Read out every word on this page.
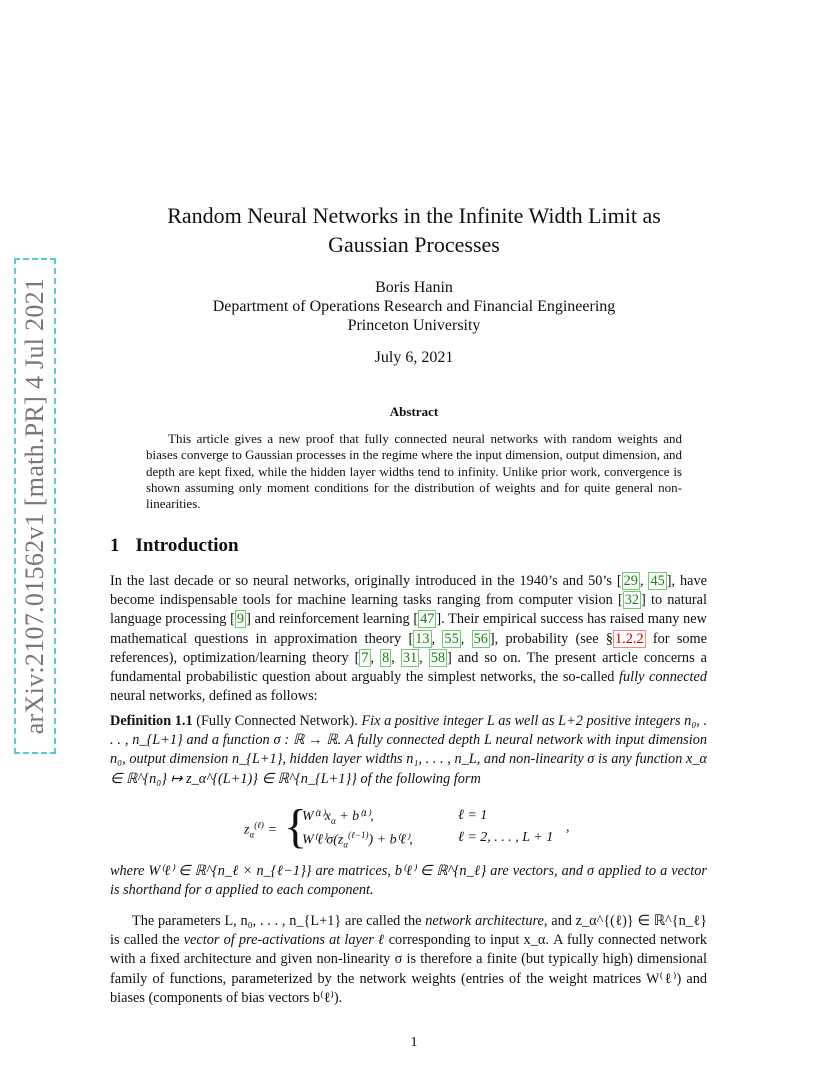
arXiv:2107.01562v1 [math.PR] 4 Jul 2021
Random Neural Networks in the Infinite Width Limit as
Gaussian Processes
Boris Hanin
Department of Operations Research and Financial Engineering
Princeton University
July 6, 2021
Abstract
This article gives a new proof that fully connected neural networks with random weights and biases converge to Gaussian processes in the regime where the input dimension, output dimension, and depth are kept fixed, while the hidden layer widths tend to infinity. Unlike prior work, convergence is shown assuming only moment conditions for the distribution of weights and for quite general non-linearities.
1 Introduction
In the last decade or so neural networks, originally introduced in the 1940’s and 50’s [ 29 , 45 ], have become indispensable tools for machine learning tasks ranging from computer vision [ 32 ] to natural language processing [ 9 ] and reinforcement learning [ 47 ]. Their empirical success has raised many new mathematical questions in approximation theory [ 13 , 55 , 56 ], probability (see § 1.2.2 for some references), optimization/learning theory [ 7 , 8 , 31 , 58 ] and so on. The present article concerns a fundamental probabilistic question about arguably the simplest networks, the so-called fully connected neural networks, defined as follows:
Definition 1.1 (Fully Connected Network). Fix a positive integer L as well as L+2 positive integers n₀, . . . , n_{L+1} and a function σ : ℝ → ℝ. A fully connected depth L neural network with input dimension n₀, output dimension n_{L+1}, hidden layer widths n₁, . . . , n_L, and non-linearity σ is any function x_α ∈ ℝ^{n₀} ↦ z_α^{(L+1)} ∈ ℝ^{n_{L+1}} of the following form
$z_\alpha^{(\ell)}$ = {
$W^{(1)}x_\alpha + b^{(1)}$,	ℓ = 1
$W^(\ell^)\sigma(z_\alpha^{(\ell-1)})$ + b⁽ℓ⁾,	ℓ = 2, . . . , L + 1
,
where W⁽ℓ⁾ ∈ ℝ^{n_ℓ × n_{ℓ−1}} are matrices, b⁽ℓ⁾ ∈ ℝ^{n_ℓ} are vectors, and σ applied to a vector is shorthand for σ applied to each component.
The parameters L, n₀, . . . , n_{L+1} are called the network architecture, and z_α^{(ℓ)} ∈ ℝ^{n_ℓ} is called the vector of pre-activations at layer ℓ corresponding to input x_α. A fully connected network with a fixed architecture and given non-linearity σ is therefore a finite (but typically high) dimensional family of functions, parameterized by the network weights (entries of the weight matrices W⁽ℓ⁾) and biases (components of bias vectors b⁽ℓ⁾).
1
